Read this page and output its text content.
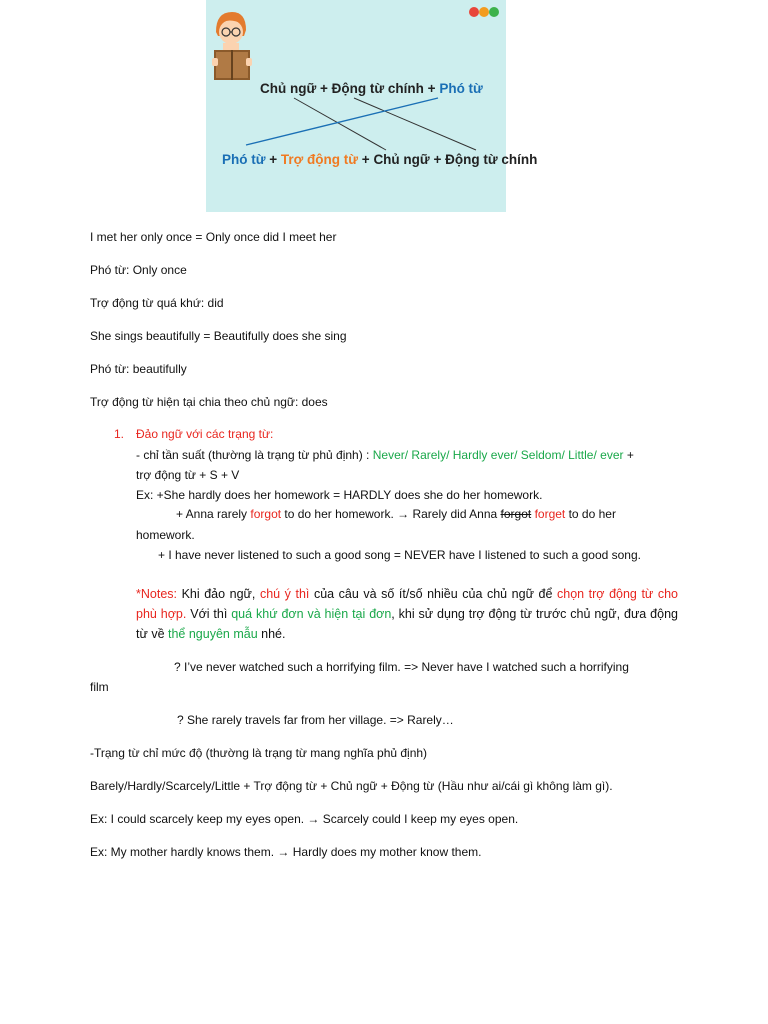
Chủ ngữ + Động từ chính + Phó từ
Phó từ + Trợ động từ + Chủ ngữ + Động từ chính
I met her only once = Only once did I meet her
Phó từ: Only once
Trợ động từ quá khứ: did
She sings beautifully = Beautifully does she sing
Phó từ: beautifully
Trợ động từ hiện tại chia theo chủ ngữ: does
1. Đảo ngữ với các trạng từ:
- chỉ tần suất (thường là trạng từ phủ định) : Never/ Rarely/ Hardly ever/ Seldom/ Little/ ever +
trợ động từ + S + V
Ex: +She hardly does her homework = HARDLY does she do her homework.
+ Anna rarely forgot to do her homework. → Rarely did Anna forgot forget to do her
homework.
+ I have never listened to such a good song = NEVER have I listened to such a good song.
*Notes: Khi đảo ngữ, chú ý thì của câu và số ít/số nhiều của chủ ngữ để chọn trợ động từ cho phù hợp. Với thì quá khứ đơn và hiện tại đơn, khi sử dụng trợ động từ trước chủ ngữ, đưa động từ về thể nguyên mẫu nhé.
? I’ve never watched such a horrifying film. => Never have I watched such a horrifying
film
? She rarely travels far from her village. => Rarely…
-Trạng từ chỉ mức độ (thường là trạng từ mang nghĩa phủ định)
Barely/Hardly/Scarcely/Little + Trợ động từ + Chủ ngữ + Động từ (Hầu như ai/cái gì không làm gì).
Ex: I could scarcely keep my eyes open. → Scarcely could I keep my eyes open.
Ex: My mother hardly knows them. → Hardly does my mother know them.
